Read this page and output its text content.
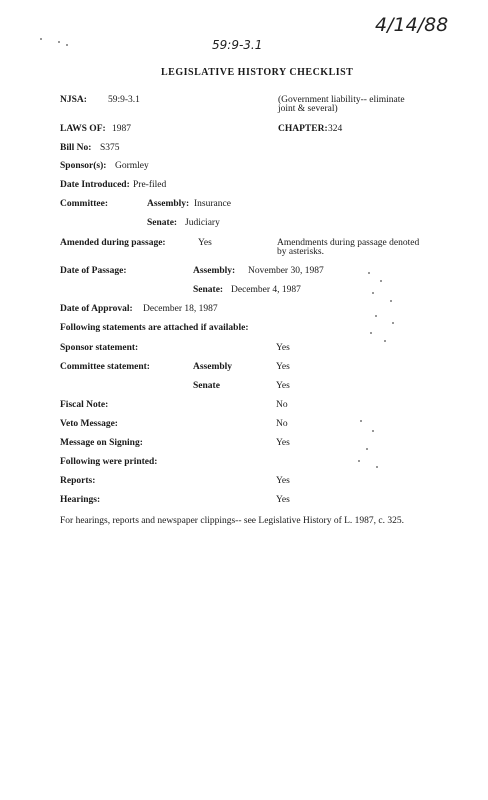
4/14/88
59:9-3.1
LEGISLATIVE HISTORY CHECKLIST
NJSA: 59:9-3.1	(Government liability-- eliminate
joint & several)
LAWS OF: 1987	CHAPTER: 324
Bill No: S375
Sponsor(s): Gormley
Date Introduced: Pre-filed
Committee:	Assembly: Insurance
Senate: Judiciary
Amended during passage:	Yes	Amendments during passage denoted
by asterisks.
Date of Passage:	Assembly: November 30, 1987
Senate: December 4, 1987
Date of Approval: December 18, 1987
Following statements are attached if available:
Sponsor statement:	Yes
Committee statement:	Assembly	Yes
Senate	Yes
Fiscal Note:	No
Veto Message:	No
Message on Signing:	Yes
Following were printed:
Reports:	Yes
Hearings:	Yes
For hearings, reports and newspaper clippings-- see Legislative History of L. 1987, c. 325.
